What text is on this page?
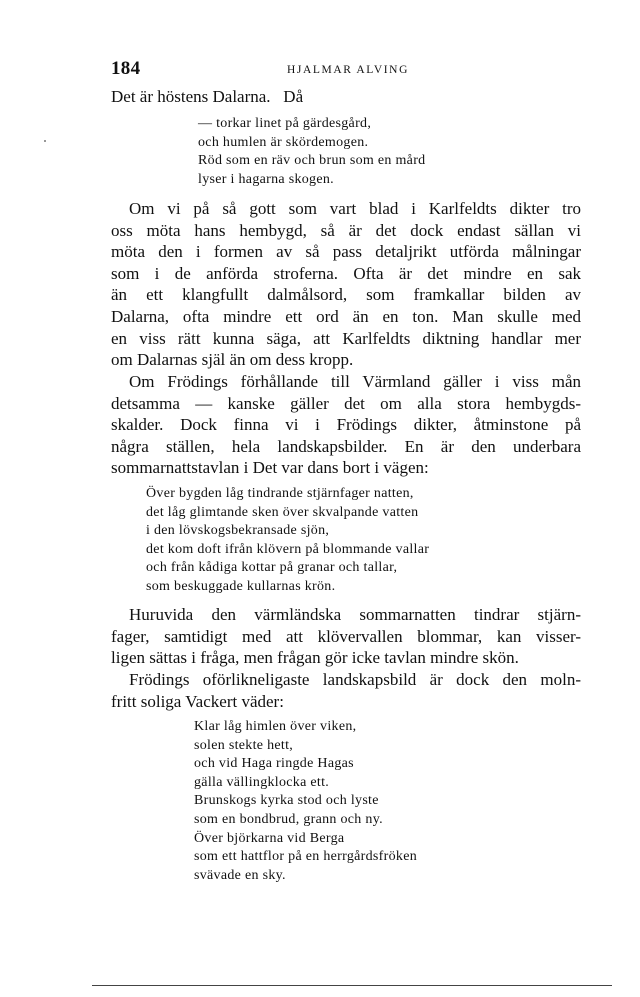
184	HJALMAR ALVING
Det är höstens Dalarna.   Då
— torkar linet på gärdesgård,
och humlen är skördemogen.
Röd som en räv och brun som en mård
lyser i hagarna skogen.
Om vi på så gott som vart blad i Karlfeldts dikter tro
oss möta hans hembygd, så är det dock endast sällan vi
möta den i formen av så pass detaljrikt utförda målningar
som i de anförda stroferna. Ofta är det mindre en sak
än ett klangfullt dalmålsord, som framkallar bilden av
Dalarna, ofta mindre ett ord än en ton. Man skulle med
en viss rätt kunna säga, att Karlfeldts diktning handlar mer
om Dalarnas själ än om dess kropp.
Om Frödings förhållande till Värmland gäller i viss mån
detsamma — kanske gäller det om alla stora hembygds-
skalder. Dock finna vi i Frödings dikter, åtminstone på
några ställen, hela landskapsbilder. En är den underbara
sommarnattstavlan i Det var dans bort i vägen:
Över bygden låg tindrande stjärnfager natten,
det låg glimtande sken över skvalpande vatten
i den lövskogsbekransade sjön,
det kom doft ifrån klövern på blommande vallar
och från kådiga kottar på granar och tallar,
som beskuggade kullarnas krön.
Huruvida den värmländska sommarnatten tindrar stjärn-
fager, samtidigt med att klövervallen blommar, kan visser-
ligen sättas i fråga, men frågan gör icke tavlan mindre skön.
Frödings oförlikneligaste landskapsbild är dock den moln-
fritt soliga Vackert väder:
Klar låg himlen över viken,
solen stekte hett,
och vid Haga ringde Hagas
gälla vällingklocka ett.
Brunskogs kyrka stod och lyste
som en bondbrud, grann och ny.
Över björkarna vid Berga
som ett hattflor på en herrgårdsfröken
svävade en sky.
